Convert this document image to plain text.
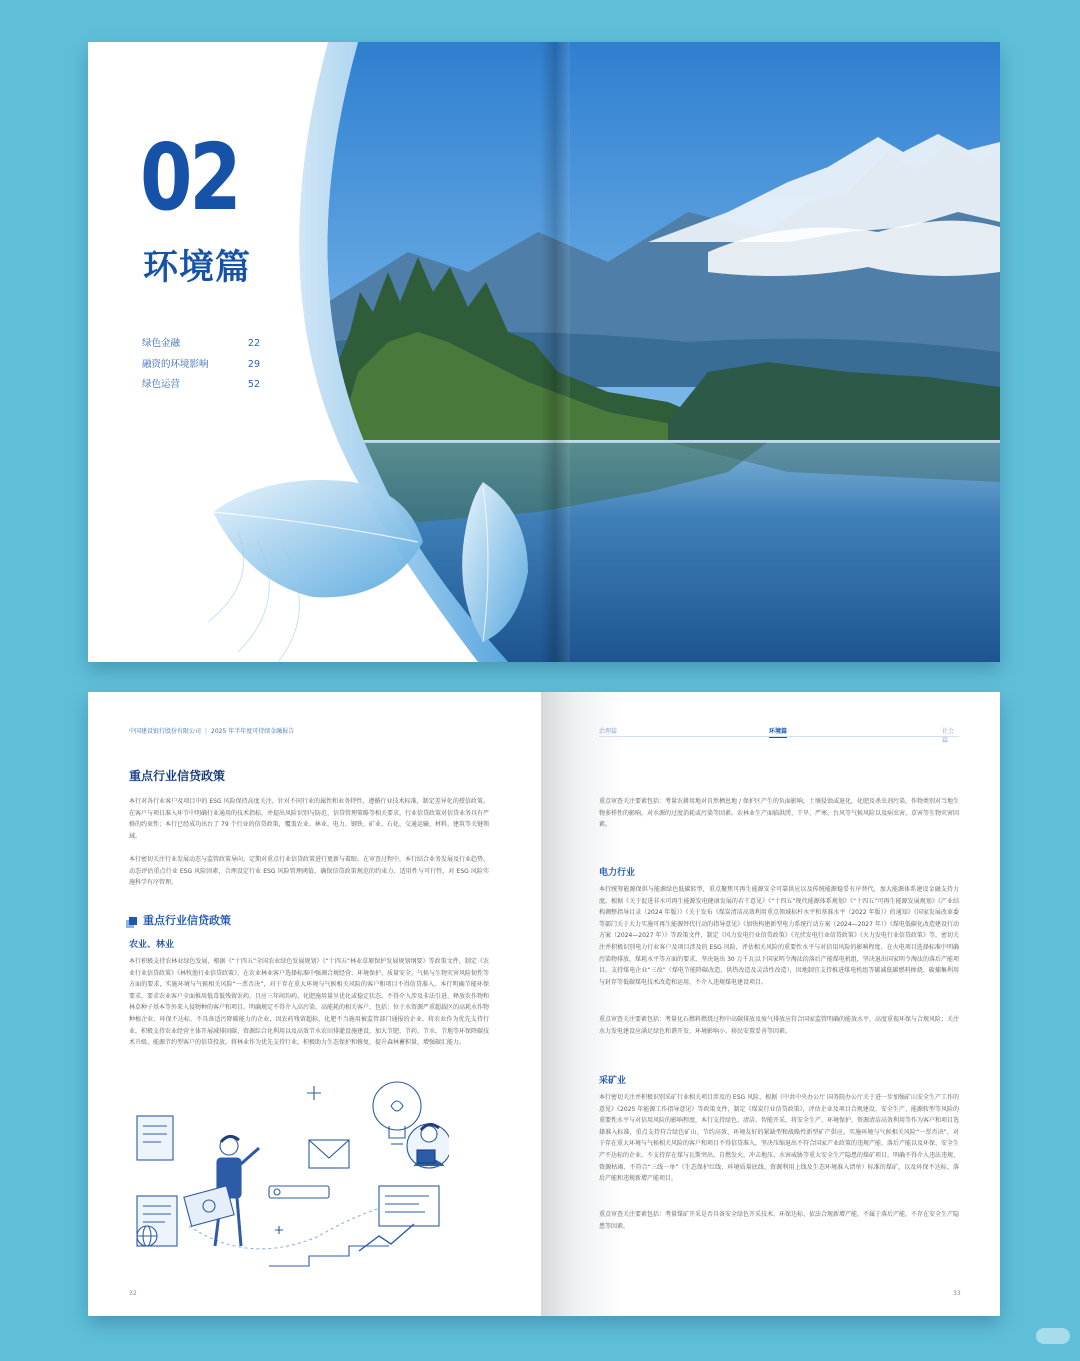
02
环境篇
绿色金融	22
融资的环境影响	29
绿色运营	52
中国建设银行股份有限公司 | 2025 年半年度可持续金融报告
重点行业信贷政策
本行对各行业客户及项目中的 ESG 风险保持高度关注，针对不同行业的属性和业务特性，遵循行业技术标准，制定差异化的授信政策。在客户与项目准入环节中明确行业通用的技术指标，并提出风险识别与防范、信贷管理策略等相关要求，行业信贷政策对信贷业务具有严格的约束性；本行已经成功出台了 79 个行业的信贷政策，覆盖农业、林业、电力、钢铁、矿业、石化、交通运输、材料、建筑等关键领域。
本行密切关注行业发展动态与监管政策导向，定期对重点行业信贷政策进行更新与着眼。在审查过程中，本行结合业务发展及行业趋势，动态评估重点行业 ESG 风险因素，合理设定行业 ESG 风险管理阈值，确保信贷政策规范的约束力、适用性与可行性，对 ESG 风险实施科学有序管理。
重点行业信贷政策
农业、林业
本行积极支持农林业绿色发展，根据《“十四五”全国农业绿色发展规划》《“十四五”林业草原保护发展规划纲要》等政策文件，制定《农业行业信贷政策》《林牧渔行业信贷政策》，在农业林业客户选择标准中强调合规经营、环境保护、质量安全、气候与生物灾害风险韧性等方面的要求，实施环境与气候相关风险“一票否决”，对于存在重大环境与气候相关风险的客户和项目不得信贷准入。本行明确节能环保要求，要求农业客户全面推用低毒低残留农药，且应三年间均药、化肥施用量呈优化或稳定状态。不得介入涉及非法引进、释放农作物和林草种子基本等外来入侵物种的客户和项目。明确规定不得介入高污染、高能耗的相关客户，包括：位于水资源严重超载区的高耗水作物种植企业、环保不达标、不具备适污降碳能力的企业，因农药残留超标、化肥不当施用被监管部门通报的企业。将农业作为优先支持行业，积极支持农业经营主体开展减排固碳、资源综合化利用以及高效节水农田排灌设施建设，加大节肥、节药、节水、节地等环保降碳技术升级、能源节约型客户的信贷投放。将林业作为优先支持行业，积极助力生态保护和修复，提升森林蓄积量，增强碳汇能力。
32
治理篇	环境篇	社会篇
重点审查关注要素包括：考量农耕用地对自然栖息地 / 保护区产生的负面影响，土壤侵蚀或退化，化肥及杀虫剂污染，作物类别对当地生物多样性的影响，对水源的过度消耗或污染等因素。农林业生产面临洪涝、干旱、严寒、台风等气候风险以及病虫害、草害等生物灾害因素。
电力行业
本行统筹能源保供与能源绿色低碳转型，重点聚焦可再生能源安全可靠供应以及传统能源稳妥有序替代，加大能源体系建设金融支持力度。根据《关于促进非水可再生能源发电健康发展的若干意见》《“十四五”现代能源体系规划》《“十四五”可再生能源发展规划》《产业结构调整指导目录（2024 年版）》《关于发布《煤炭清洁高效利用重点领域标杆水平和基准水平（2022 年版）》的通知》《国家发展改革委等部门关于大力实施可再生能源替代行动的指导意见》《加快构建新型电力系统行动方案（2024—2027 年）》《煤电低碳化改造建设行动方案（2024—2027 年）》等政策文件，制定《风力发电行业信贷政策》《光伏发电行业信贷政策》《火力发电行业信贷政策》等，密切关注并积极识别电力行业客户及项目涉及的 ESG 风险，评估相关风险的重要性水平与对信用风险的影响程度。在火电项目选择标准中明确污染物排放，煤耗水平等方面的要求，坚决退出 30 万千瓦以下国家明令淘汰的落后产能煤电机组，坚决退出国家明令淘汰的落后产能项目。支持煤电企业“三改”（煤电节能降碳改造、供热改造及灵活性改造），因地制宜支持推进煤电机组等碳减低碳燃料掺烧、碳捕集利用与封存等低碳煤电技术改造和运用，不介入违规煤电建设项目。
重点审查关注要素包括：考量化石燃料燃烧过程中高碳排放及废气排放应符合国家监管明确的能效水平，高度重视环保与合规风险；关注水力发电建设应满足绿色和谐开发、环境影响小、移民安置妥善等因素。
采矿业
本行密切关注并积极识别采矿行业相关项目涉及的 ESG 风险，根据《中共中央办公厅 国务院办公厅关于进一步加强矿山安全生产工作的意见》《2025 年能源工作指导意见》等政策文件，制定《煤炭行业信贷政策》，评估企业及项目合规建设、安全生产、能源转型等风险的重要性水平与对信用风险的影响程度，本行支持绿色、清洁、智能开采，将安全生产、环境保护、资源清洁高效利用等作为客户和项目选择准入标准，重点支持符合绿色矿山、节约高效、环境友好的紧缺型和战略性新型矿产供应。实施环境与气候相关风险“一票否决”，对于存在重大环境与气候相关风险的客户和项目不得信贷准入，坚决压缩退出不符合国家产业政策的违规产能、落后产能以及环保、安全生产不达标的企业。不支持存在煤与瓦斯突出、自燃发火、冲击地压、水害威胁等重大安全生产隐患的煤矿项目，明确不得介入违法违规、资源枯竭、不符合“三线一单”（生态保护红线、环境质量底线、资源利用上线及生态环境准入清单）标准的煤矿，以及环保不达标、落后产能和违规新增产能项目。
重点审查关注要素包括：考量煤矿开采是否具备安全绿色开采技术、环保达标、依法合规新增产能、不属于落后产能、不存在安全生产隐患等因素。
33
